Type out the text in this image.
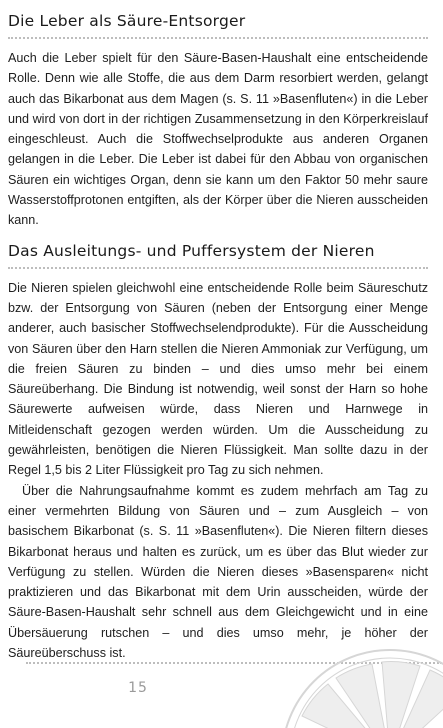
Die Leber als Säure-Entsorger

Auch die Leber spielt für den Säure-Basen-Haushalt eine entscheidende Rolle. Denn wie alle Stoffe, die aus dem Darm resorbiert werden, gelangt auch das Bikarbonat aus dem Magen (s. S. 11 »Basenfluten«) in die Leber und wird von dort in der richtigen Zusammensetzung in den Körperkreislauf eingeschleust. Auch die Stoffwechselprodukte aus anderen Organen gelangen in die Leber. Die Leber ist dabei für den Abbau von organischen Säuren ein wichtiges Organ, denn sie kann um den Faktor 50 mehr saure Wasserstoffprotonen entgiften, als der Körper über die Nieren ausscheiden kann.

Das Ausleitungs- und Puffersystem der Nieren

Die Nieren spielen gleichwohl eine entscheidende Rolle beim Säureschutz bzw. der Entsorgung von Säuren (neben der Entsorgung einer Menge anderer, auch basischer Stoffwechselendprodukte). Für die Ausscheidung von Säuren über den Harn stellen die Nieren Ammoniak zur Verfügung, um die freien Säuren zu binden – und dies umso mehr bei einem Säureüberhang. Die Bindung ist notwendig, weil sonst der Harn so hohe Säurewerte aufweisen würde, dass Nieren und Harnwege in Mitleidenschaft gezogen werden würden. Um die Ausscheidung zu gewährleisten, benötigen die Nieren Flüssigkeit. Man sollte dazu in der Regel 1,5 bis 2 Liter Flüssigkeit pro Tag zu sich nehmen.

Über die Nahrungsaufnahme kommt es zudem mehrfach am Tag zu einer vermehrten Bildung von Säuren und – zum Ausgleich – von basischem Bikarbonat (s. S. 11 »Basenfluten«). Die Nieren filtern dieses Bikarbonat heraus und halten es zurück, um es über das Blut wieder zur Verfügung zu stellen. Würden die Nieren dieses »Basensparen« nicht praktizieren und das Bikarbonat mit dem Urin ausscheiden, würde der Säure-Basen-Haushalt sehr schnell aus dem Gleichgewicht und in eine Übersäuerung rutschen – und dies umso mehr, je höher der Säureüberschuss ist.

15
